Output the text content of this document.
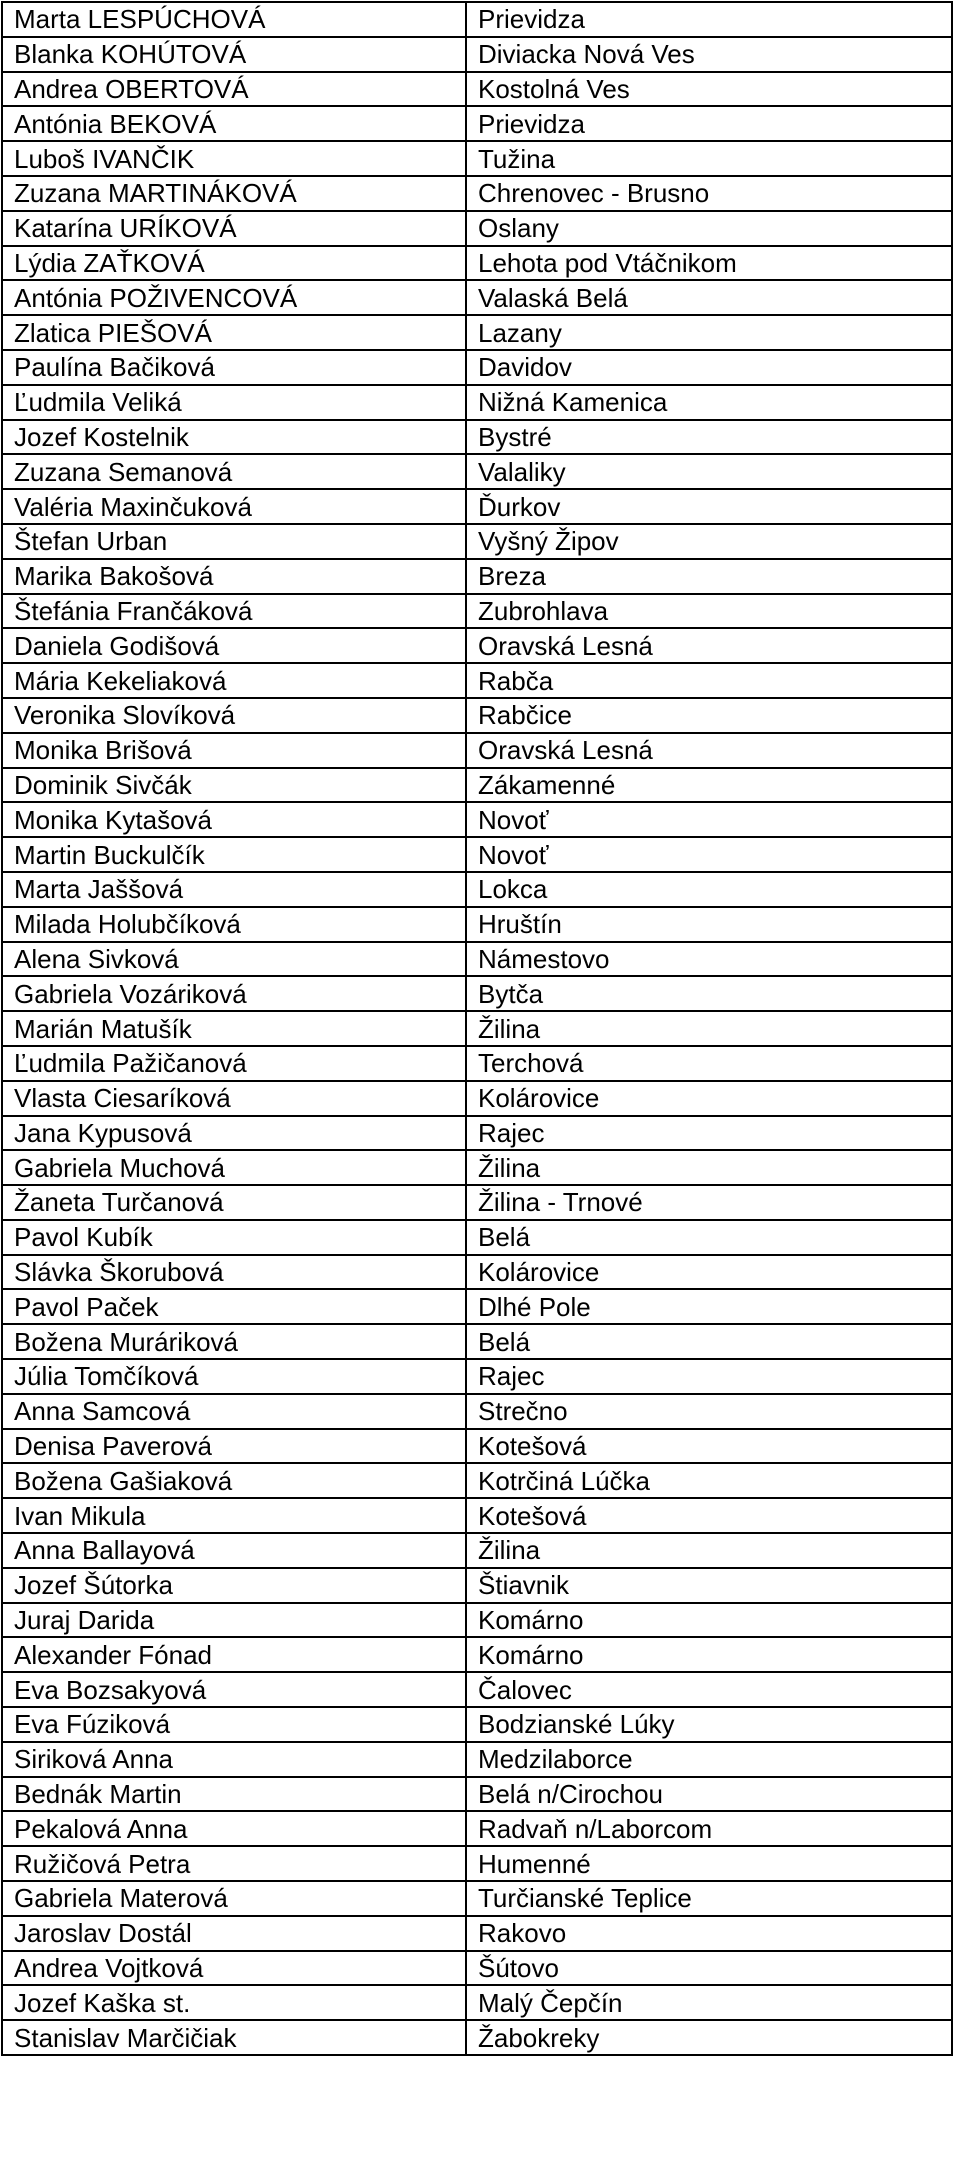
Marta LESPÚCHOVÁ	Prievidza
Blanka KOHÚTOVÁ	Diviacka Nová Ves
Andrea OBERTOVÁ	Kostolná Ves
Antónia BEKOVÁ	Prievidza
Luboš IVANČIK	Tužina
Zuzana MARTINÁKOVÁ	Chrenovec - Brusno
Katarína URÍKOVÁ	Oslany
Lýdia ZAŤKOVÁ	Lehota pod Vtáčnikom
Antónia POŽIVENCOVÁ	Valaská Belá
Zlatica PIEŠOVÁ	Lazany
Paulína Bačiková	Davidov
Ľudmila Veliká	Nižná Kamenica
Jozef Kostelnik	Bystré
Zuzana Semanová	Valaliky
Valéria Maxinčuková	Ďurkov
Štefan Urban	Vyšný Žipov
Marika Bakošová	Breza
Štefánia Frančáková	Zubrohlava
Daniela Godišová	Oravská Lesná
Mária Kekeliaková	Rabča
Veronika Slovíková	Rabčice
Monika Brišová	Oravská Lesná
Dominik Sivčák	Zákamenné
Monika Kytašová	Novoť
Martin Buckulčík	Novoť
Marta Jaššová	Lokca
Milada Holubčíková	Hruštín
Alena Sivková	Námestovo
Gabriela Vozáriková	Bytča
Marián Matušík	Žilina
Ľudmila Pažičanová	Terchová
Vlasta Ciesaríková	Kolárovice
Jana Kypusová	Rajec
Gabriela Muchová	Žilina
Žaneta Turčanová	Žilina - Trnové
Pavol Kubík	Belá
Slávka Škorubová	Kolárovice
Pavol Paček	Dlhé Pole
Božena Muráriková	Belá
Júlia Tomčíková	Rajec
Anna Samcová	Strečno
Denisa Paverová	Kotešová
Božena Gašiaková	Kotrčiná Lúčka
Ivan Mikula	Kotešová
Anna Ballayová	Žilina
Jozef Šútorka	Štiavnik
Juraj Darida	Komárno
Alexander Fónad	Komárno
Eva Bozsakyová	Čalovec
Eva Fúziková	Bodzianské Lúky
Siriková Anna	Medzilaborce
Bednák Martin	Belá n/Cirochou
Pekalová Anna	Radvaň n/Laborcom
Ružičová Petra	Humenné
Gabriela Materová	Turčianské Teplice
Jaroslav Dostál	Rakovo
Andrea Vojtková	Šútovo
Jozef Kaška st.	Malý Čepčín
Stanislav Marčičiak	Žabokreky
